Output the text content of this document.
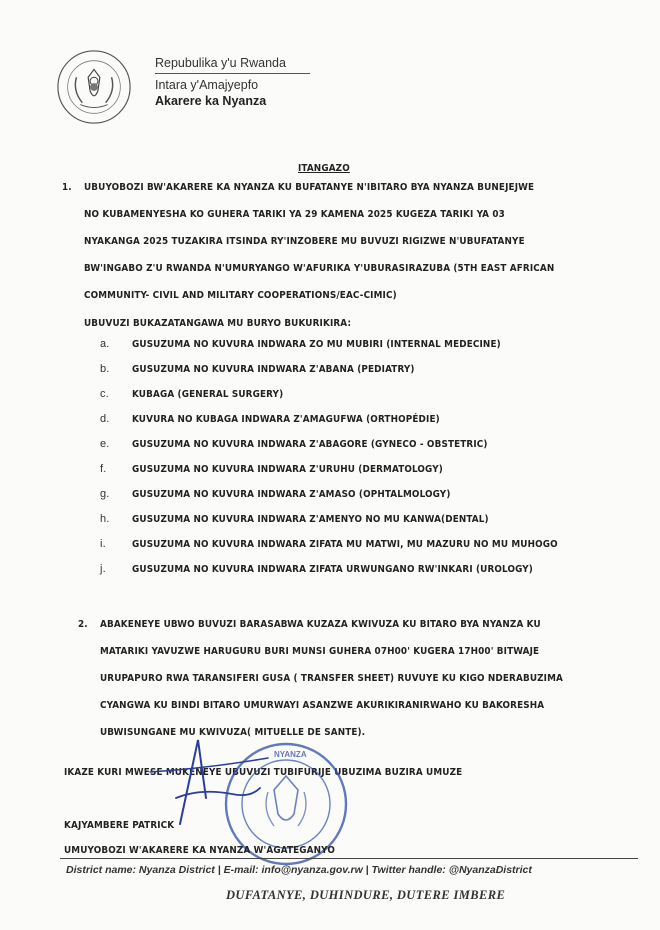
Repubulika y'u Rwanda
Intara y'Amajyepfo
Akarere ka Nyanza
ITANGAZO
1. UBUYOBOZI BW'AKARERE KA NYANZA KU BUFATANYE N'IBITARO BYA NYANZA BUNEJEJWE
NO KUBAMENYESHA KO GUHERA TARIKI YA 29 KAMENA 2025 KUGEZA TARIKI YA 03
NYAKANGA 2025 TUZAKIRA ITSINDA RY'INZOBERE MU BUVUZI RIGIZWE N'UBUFATANYE
BW'INGABO Z'U RWANDA N'UMURYANGO W'AFURIKA Y'UBURASIRAZUBA (5TH EAST AFRICAN
COMMUNITY- CIVIL AND MILITARY COOPERATIONS/EAC-CIMIC)
UBUVUZI BUKAZATANGAWA MU BURYO BUKURIKIRA:
a. GUSUZUMA NO KUVURA INDWARA ZO MU MUBIRI (INTERNAL MEDECINE)
b. GUSUZUMA NO KUVURA INDWARA Z'ABANA (PEDIATRY)
c. KUBAGA (GENERAL SURGERY)
d. KUVURA NO KUBAGA INDWARA Z'AMAGUFWA (ORTHOPÉDIE)
e. GUSUZUMA NO KUVURA INDWARA Z'ABAGORE (GYNECO - OBSTETRIC)
f.	GUSUZUMA NO KUVURA INDWARA Z'URUHU (DERMATOLOGY)
g. GUSUZUMA NO KUVURA INDWARA Z'AMASO (OPHTALMOLOGY)
h. GUSUZUMA NO KUVURA INDWARA Z'AMENYO NO MU KANWA(DENTAL)
i.	GUSUZUMA NO KUVURA INDWARA ZIFATA MU MATWI, MU MAZURU NO MU MUHOGO
j.	GUSUZUMA NO KUVURA INDWARA ZIFATA URWUNGANO RW'INKARI (UROLOGY)
2. ABAKENEYE UBWO BUVUZI BARASABWA KUZAZA KWIVUZA KU BITARO BYA NYANZA KU
MATARIKI YAVUZWE HARUGURU BURI MUNSI GUHERA 07H00' KUGERA 17H00' BITWAJE
URUPAPURO RWA TARANSIFERI GUSA ( TRANSFER SHEET) RUVUYE KU KIGO NDERABUZIMA
CYANGWA KU BINDI BITARO UMURWAYI ASANZWE AKURIKIRANIRWAHO KU BAKORESHA
UBWISUNGANE MU KWIVUZA( MITUELLE DE SANTE).
IKAZE KURI MWESE MUKENEYE UBUVUZI TUBIFURIJE UBUZIMA BUZIRA UMUZE
NYANZA
KAJYAMBERE PATRICK
UMUYOBOZI W'AKARERE KA NYANZA W'AGATEGANYO
District name: Nyanza District | E-mail: info@nyanza.gov.rw | Twitter handle: @NyanzaDistrict
DUFATANYE, DUHINDURE, DUTERE IMBERE
